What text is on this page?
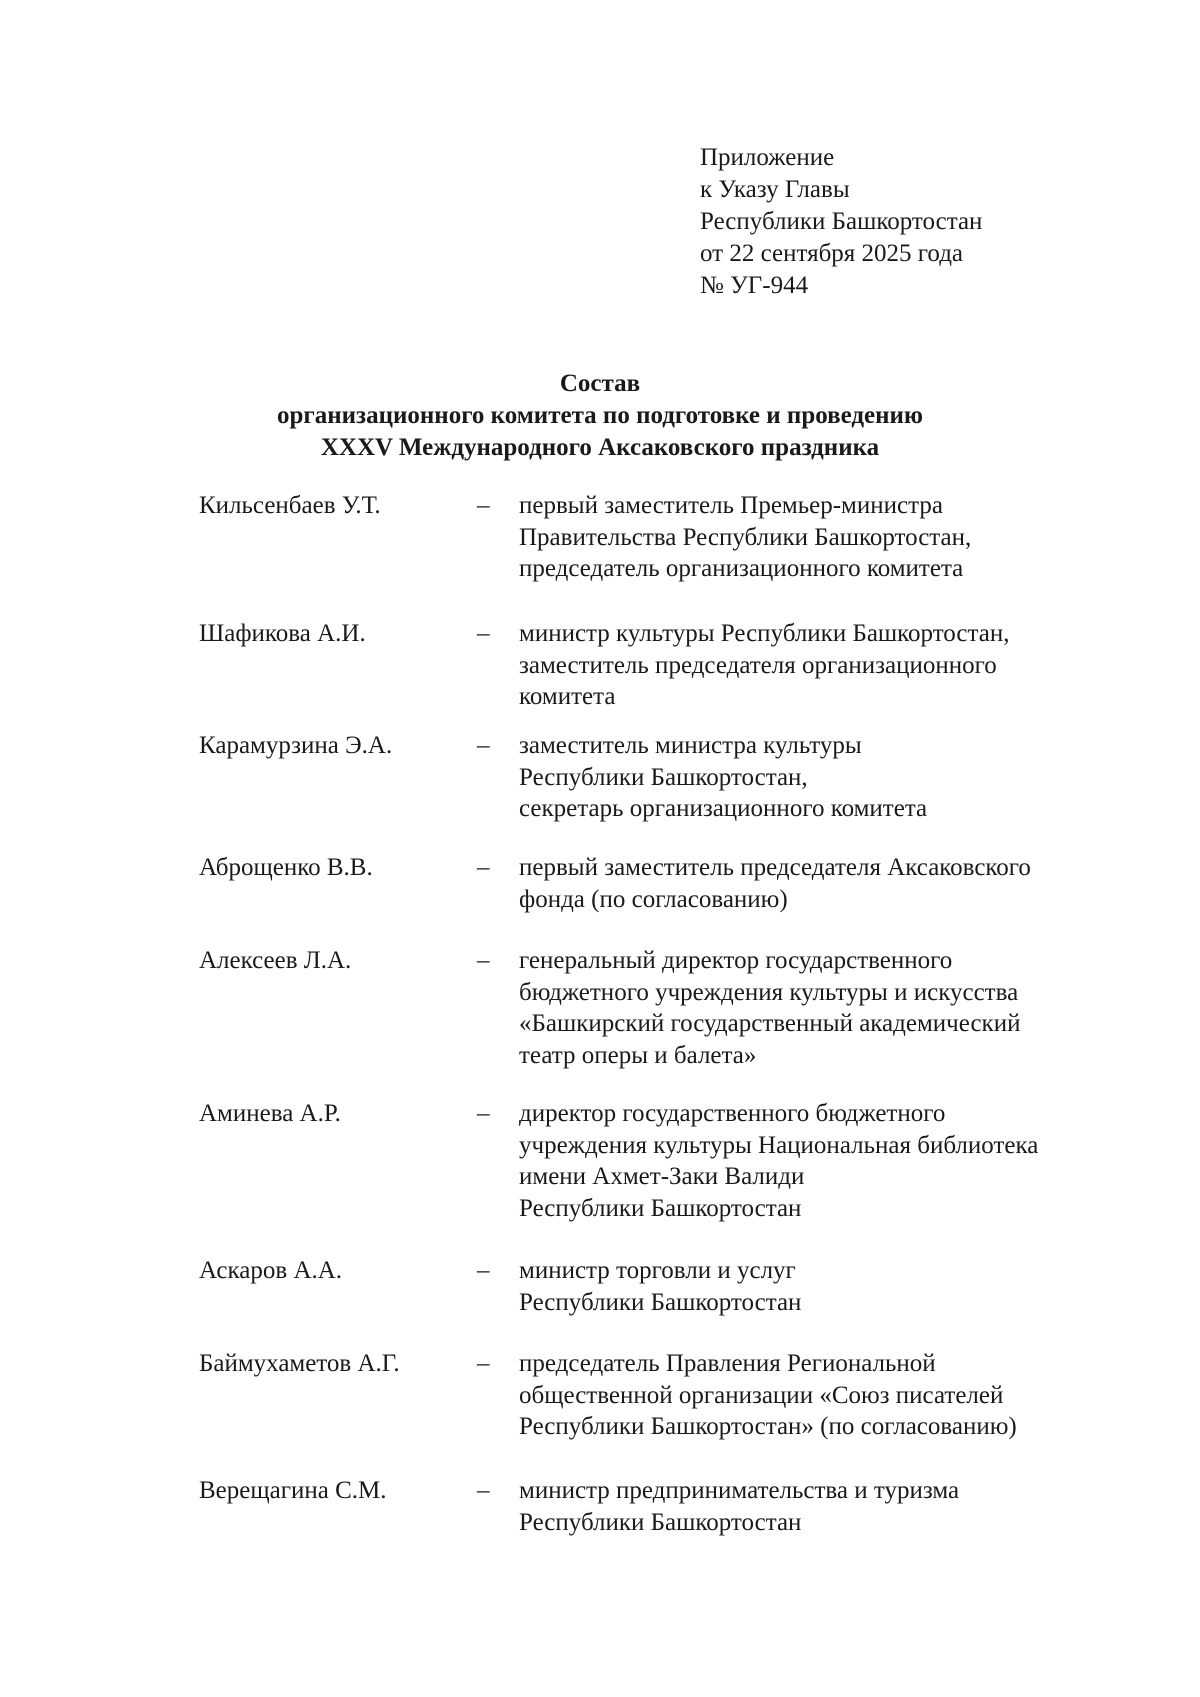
Приложение
к Указу Главы
Республики Башкортостан
от 22 сентября 2025 года
№ УГ-944
Состав
организационного комитета по подготовке и проведению
XXXV Международного Аксаковского праздника
Кильсенбаев У.Т.	– первый заместитель Премьер-министра
Правительства Республики Башкортостан,
председатель организационного комитета
Шафикова А.И.	– министр культуры Республики Башкортостан,
заместитель председателя организационного
комитета
Карамурзина Э.А.	– заместитель министра культуры
Республики Башкортостан,
секретарь организационного комитета
Аброщенко В.В.	– первый заместитель председателя Аксаковского
фонда (по согласованию)
Алексеев Л.А.	– генеральный директор государственного
бюджетного учреждения культуры и искусства
«Башкирский государственный академический
театр оперы и балета»
Аминева А.Р.	– директор государственного бюджетного
учреждения культуры Национальная библиотека
имени Ахмет-Заки Валиди
Республики Башкортостан
Аскаров А.А.	– министр торговли и услуг
Республики Башкортостан
Баймухаметов А.Г.	– председатель Правления Региональной
общественной организации «Союз писателей
Республики Башкортостан» (по согласованию)
Верещагина С.М.	– министр предпринимательства и туризма
Республики Башкортостан
